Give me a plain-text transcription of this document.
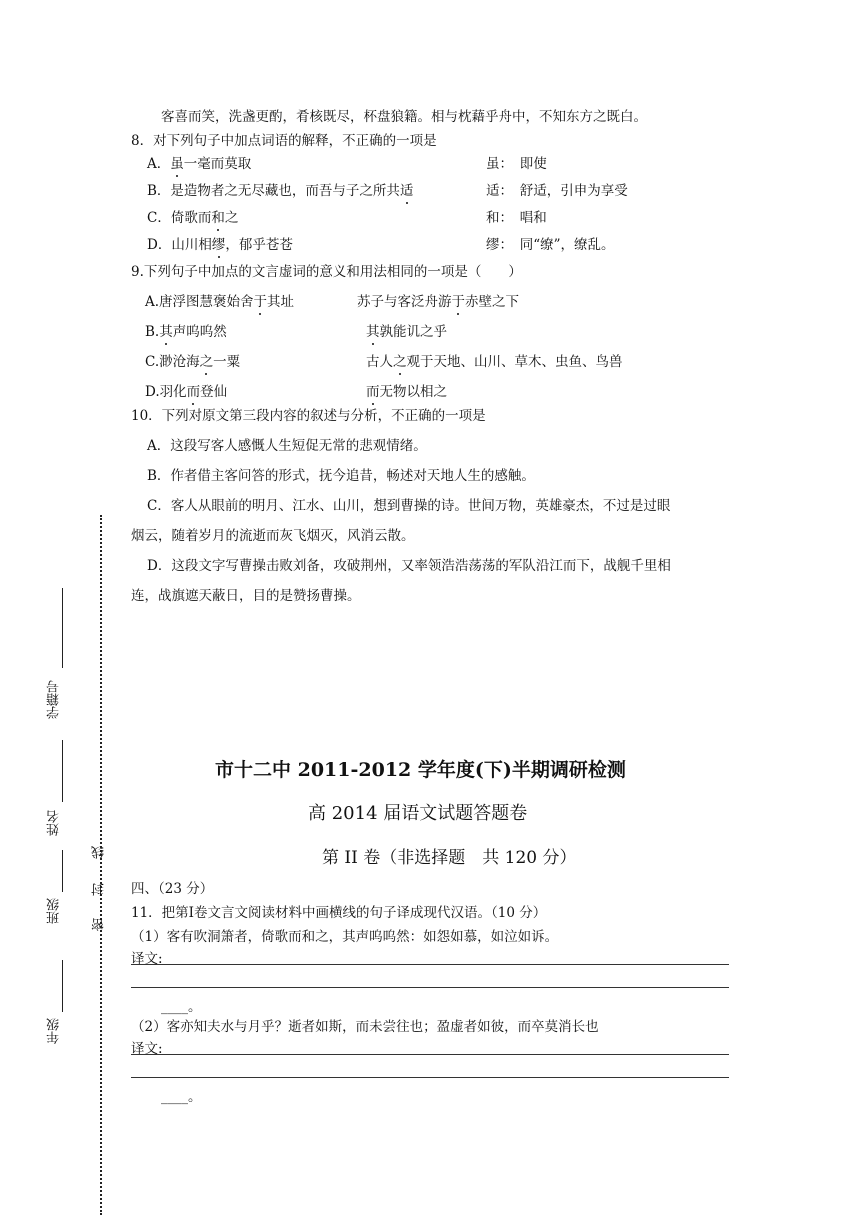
客喜而笑，洗盏更酌，肴核既尽，杯盘狼籍。相与枕藉乎舟中，不知东方之既白。
8．对下列句子中加点词语的解释，不正确的一项是
A．虽一毫而莫取	虽：　 即使
B．是造物者之无尽藏也，而吾与子之所共适	适：　 舒适，引申为享受
C．倚歌而和之	和：　 唱和
D．山川相缪，郁乎苍苍	缪：　 同“缭”，缭乱。
9.下列句子中加点的文言虚词的意义和用法相同的一项是（　　）
A.唐浮图慧褒始舍于其址	苏子与客泛舟游于赤壁之下
B.其声呜呜然	其孰能讥之乎
C.渺沧海之一粟	古人之观于天地、山川、草木、虫鱼、鸟兽
D.羽化而登仙	而无物以相之
10．下列对原文第三段内容的叙述与分析，不正确的一项是
A．这段写客人感慨人生短促无常的悲观情绪。
B．作者借主客问答的形式，抚今追昔，畅述对天地人生的感触。
C．客人从眼前的明月、江水、山川，想到曹操的诗。世间万物，英雄豪杰，不过是过眼
烟云，随着岁月的流逝而灰飞烟灭，风消云散。
D．这段文字写曹操击败刘备，攻破荆州，又率领浩浩荡荡的军队沿江而下，战舰千里相
连，战旗遮天蔽日，目的是赞扬曹操。
市十二中 2011-2012 学年度(下)半期调研检测
高 2014 届语文试题答题卷
第 II 卷（非选择题　共 120 分）
四、（23 分）
11．把第Ⅰ卷文言文阅读材料中画横线的句子译成现代汉语。（10 分）
（1）客有吹洞箫者，倚歌而和之，其声呜呜然：如怨如慕，如泣如诉。
译文:
____。
（2）客亦知夫水与月乎？逝者如斯，而未尝往也；盈虚者如彼，而卒莫消长也
译文:
____。
线
封
密
学籍号
姓名
班级
年级
